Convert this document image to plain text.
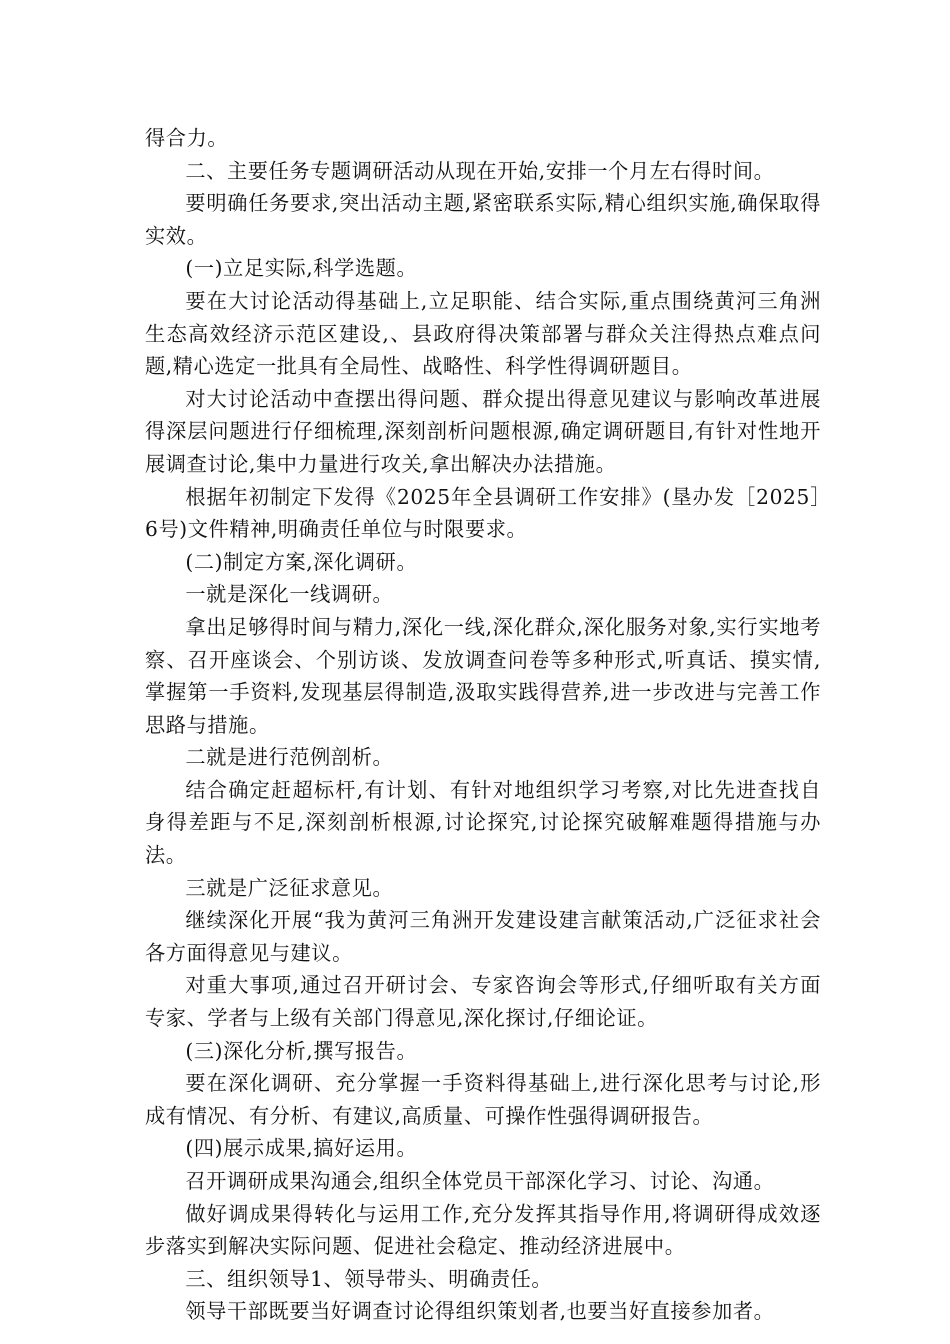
得合力。

二、主要任务专题调研活动从现在开始,安排一个月左右得时间。

要明确任务要求,突出活动主题,紧密联系实际,精心组织实施,确保取得实效。

(一)立足实际,科学选题。

要在大讨论活动得基础上,立足职能、结合实际,重点围绕黄河三角洲生态高效经济示范区建设,、县政府得决策部署与群众关注得热点难点问题,精心选定一批具有全局性、战略性、科学性得调研题目。

对大讨论活动中查摆出得问题、群众提出得意见建议与影响改革进展得深层问题进行仔细梳理,深刻剖析问题根源,确定调研题目,有针对性地开展调查讨论,集中力量进行攻关,拿出解决办法措施。

根据年初制定下发得《2025年全县调研工作安排》(垦办发［2025］6号)文件精神,明确责任单位与时限要求。

(二)制定方案,深化调研。

一就是深化一线调研。

拿出足够得时间与精力,深化一线,深化群众,深化服务对象,实行实地考察、召开座谈会、个别访谈、发放调查问卷等多种形式,听真话、摸实情,掌握第一手资料,发现基层得制造,汲取实践得营养,进一步改进与完善工作思路与措施。

二就是进行范例剖析。

结合确定赶超标杆,有计划、有针对地组织学习考察,对比先进查找自身得差距与不足,深刻剖析根源,讨论探究,讨论探究破解难题得措施与办法。

三就是广泛征求意见。

继续深化开展“我为黄河三角洲开发建设建言献策活动,广泛征求社会各方面得意见与建议。

对重大事项,通过召开研讨会、专家咨询会等形式,仔细听取有关方面专家、学者与上级有关部门得意见,深化探讨,仔细论证。

(三)深化分析,撰写报告。

要在深化调研、充分掌握一手资料得基础上,进行深化思考与讨论,形成有情况、有分析、有建议,高质量、可操作性强得调研报告。

(四)展示成果,搞好运用。

召开调研成果沟通会,组织全体党员干部深化学习、讨论、沟通。

做好调成果得转化与运用工作,充分发挥其指导作用,将调研得成效逐步落实到解决实际问题、促进社会稳定、推动经济进展中。

三、组织领导1、领导带头、明确责任。

领导干部既要当好调查讨论得组织策划者,也要当好直接参加者。
